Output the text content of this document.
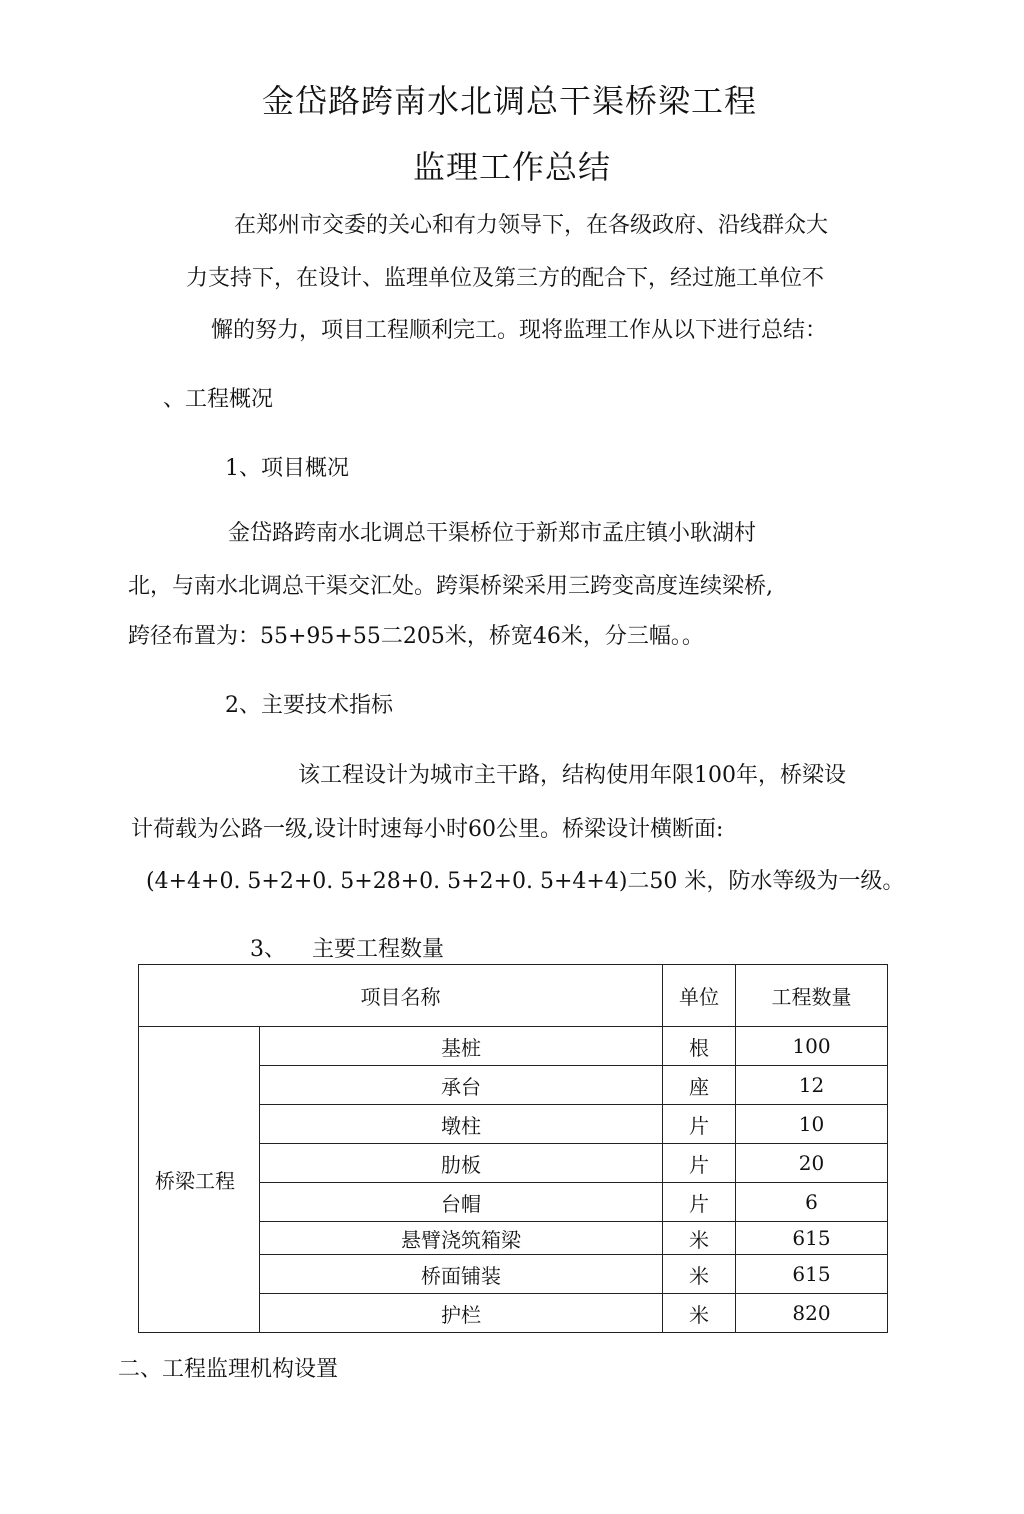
金岱路跨南水北调总干渠桥梁工程
监理工作总结
在郑州市交委的关心和有力领导下，在各级政府、沿线群众大
力支持下，在设计、监理单位及第三方的配合下，经过施工单位不
懈的努力，项目工程顺利完工。现将监理工作从以下进行总结：
、工程概况
1、项目概况
金岱路跨南水北调总干渠桥位于新郑市孟庄镇小耿湖村
北，与南水北调总干渠交汇处。跨渠桥梁采用三跨变高度连续梁桥,
跨径布置为：55+95+55二205米，桥宽46米，分三幅。。
2、主要技术指标
该工程设计为城市主干路，结构使用年限100年，桥梁设
计荷载为公路一级,设计时速每小时60公里。桥梁设计横断面:
(4+4+0. 5+2+0. 5+28+0. 5+2+0. 5+4+4)二50 米，防水等级为一级。
3、 主要工程数量
项目名称		单位	工程数量
桥梁工程	基桩	根	100
	承台	座	12
	墩柱	片	10
	肋板	片	20
	台帽	片	6
	悬臂浇筑箱梁	米	615
	桥面铺装	米	615
	护栏	米	820
二、工程监理机构设置
